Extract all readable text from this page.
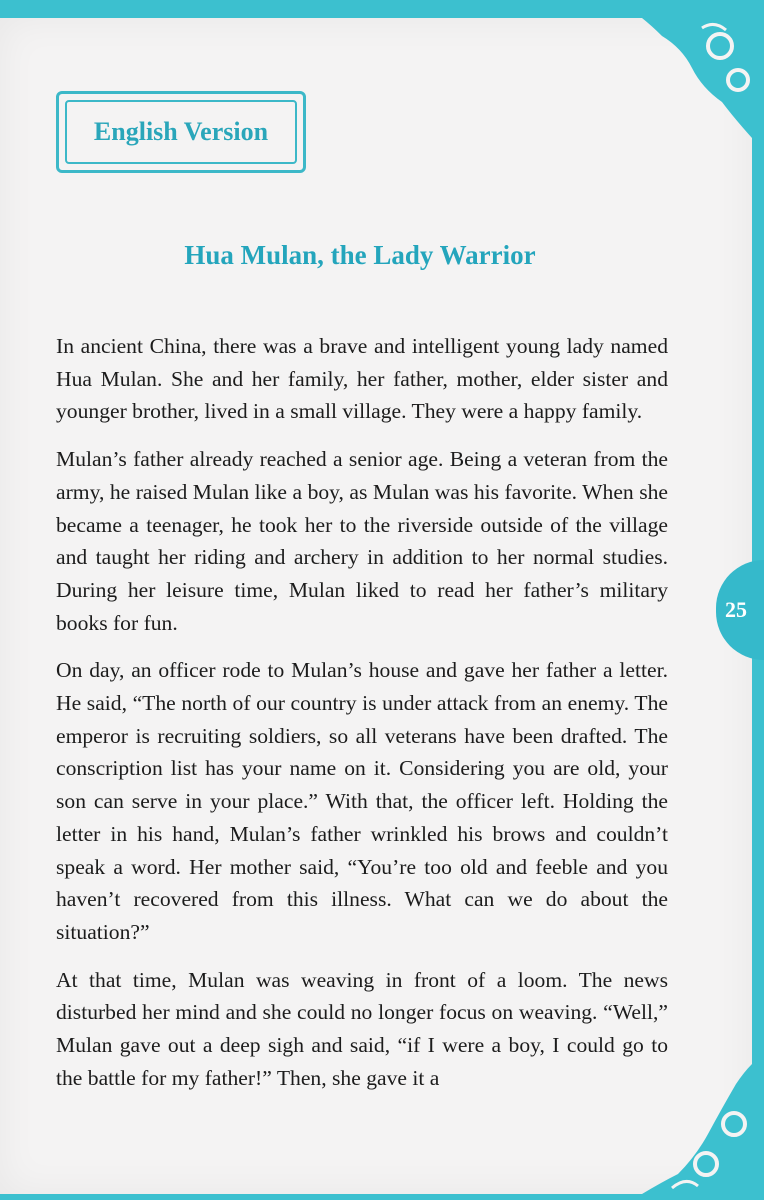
English Version
Hua Mulan, the Lady Warrior

In ancient China, there was a brave and intelligent young lady named Hua Mulan. She and her family, her father, mother, elder sister and younger brother, lived in a small village. They were a happy family.

Mulan’s father already reached a senior age. Being a veteran from the army, he raised Mulan like a boy, as Mulan was his favorite. When she became a teenager, he took her to the riverside outside of the village and taught her riding and archery in addition to her normal studies. During her leisure time, Mulan liked to read her father’s military books for fun.

On day, an officer rode to Mulan’s house and gave her father a letter. He said, “The north of our country is under attack from an enemy. The emperor is recruiting soldiers, so all veterans have been drafted. The conscription list has your name on it. Considering you are old, your son can serve in your place.” With that, the officer left. Holding the letter in his hand, Mulan’s father wrinkled his brows and couldn’t speak a word. Her mother said, “You’re too old and feeble and you haven’t recovered from this illness. What can we do about the situation?”

At that time, Mulan was weaving in front of a loom. The news disturbed her mind and she could no longer focus on weaving. “Well,” Mulan gave out a deep sigh and said, “if I were a boy, I could go to the battle for my father!” Then, she gave it a

25
